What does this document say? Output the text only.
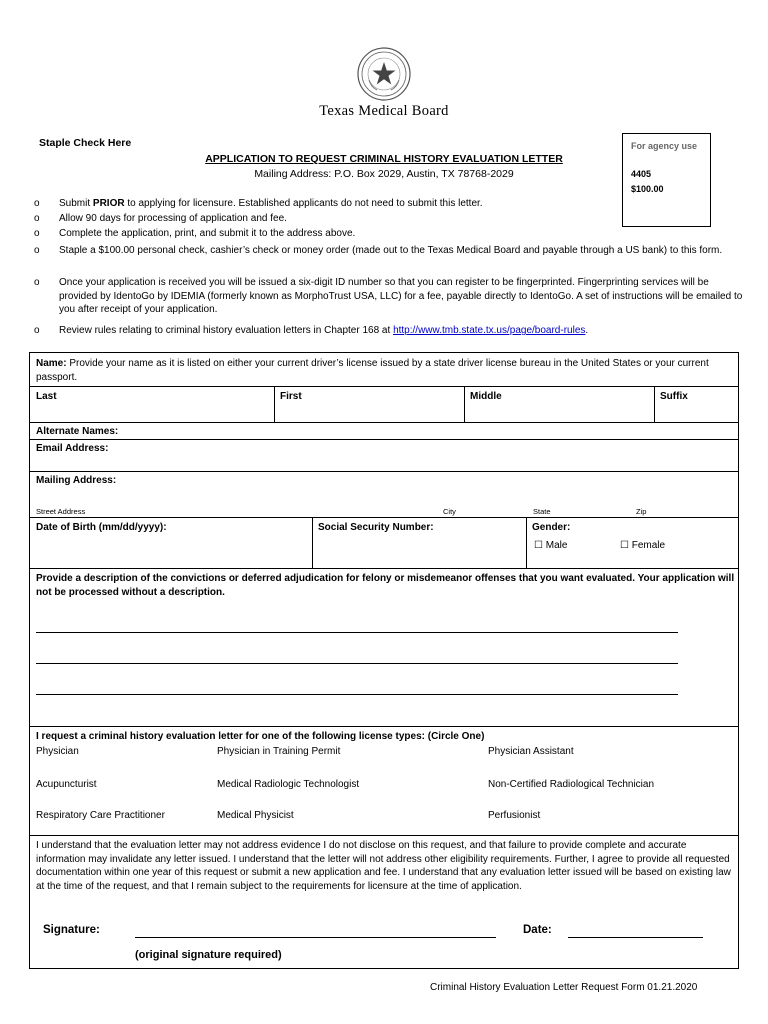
Texas Medical Board
Staple Check Here	For agency use
4405
$100.00
APPLICATION TO REQUEST CRIMINAL HISTORY EVALUATION LETTER
Mailing Address: P.O. Box 2029, Austin, TX 78768-2029
o Submit PRIOR to applying for licensure. Established applicants do not need to submit this letter.
o Allow 90 days for processing of application and fee.
o Complete the application, print, and submit it to the address above.
o Staple a $100.00 personal check, cashier’s check or money order (made out to the Texas Medical Board and payable through a US bank) to this form.
o Once your application is received you will be issued a six-digit ID number so that you can register to be fingerprinted. Fingerprinting services will be provided by IdentoGo by IDEMIA (formerly known as MorphoTrust USA, LLC) for a fee, payable directly to IdentoGo. A set of instructions will be emailed to you after receipt of your application.
o Review rules relating to criminal history evaluation letters in Chapter 168 at http://www.tmb.state.tx.us/page/board-rules.
Name: Provide your name as it is listed on either your current driver’s license issued by a state driver license bureau in the United States or your current passport.
Last	First	Middle	Suffix
Alternate Names:
Email Address:
Mailing Address:
Street Address	City	State	Zip
Date of Birth (mm/dd/yyyy):	Social Security Number:	Gender:
☐ Male	☐ Female
Provide a description of the convictions or deferred adjudication for felony or misdemeanor offenses that you want evaluated. Your application will not be processed without a description.
I request a criminal history evaluation letter for one of the following license types: (Circle One)
Physician	Physician in Training Permit	Physician Assistant
Acupuncturist	Medical Radiologic Technologist	Non-Certified Radiological Technician
Respiratory Care Practitioner	Medical Physicist	Perfusionist
I understand that the evaluation letter may not address evidence I do not disclose on this request, and that failure to provide complete and accurate information may invalidate any letter issued. I understand that the letter will not address other eligibility requirements. Further, I agree to provide all requested documentation within one year of this request or submit a new application and fee. I understand that any evaluation letter issued will be based on existing law at the time of the request, and that I remain subject to the requirements for licensure at the time of application.
Signature:	Date:
(original signature required)
Criminal History Evaluation Letter Request Form 01.21.2020
